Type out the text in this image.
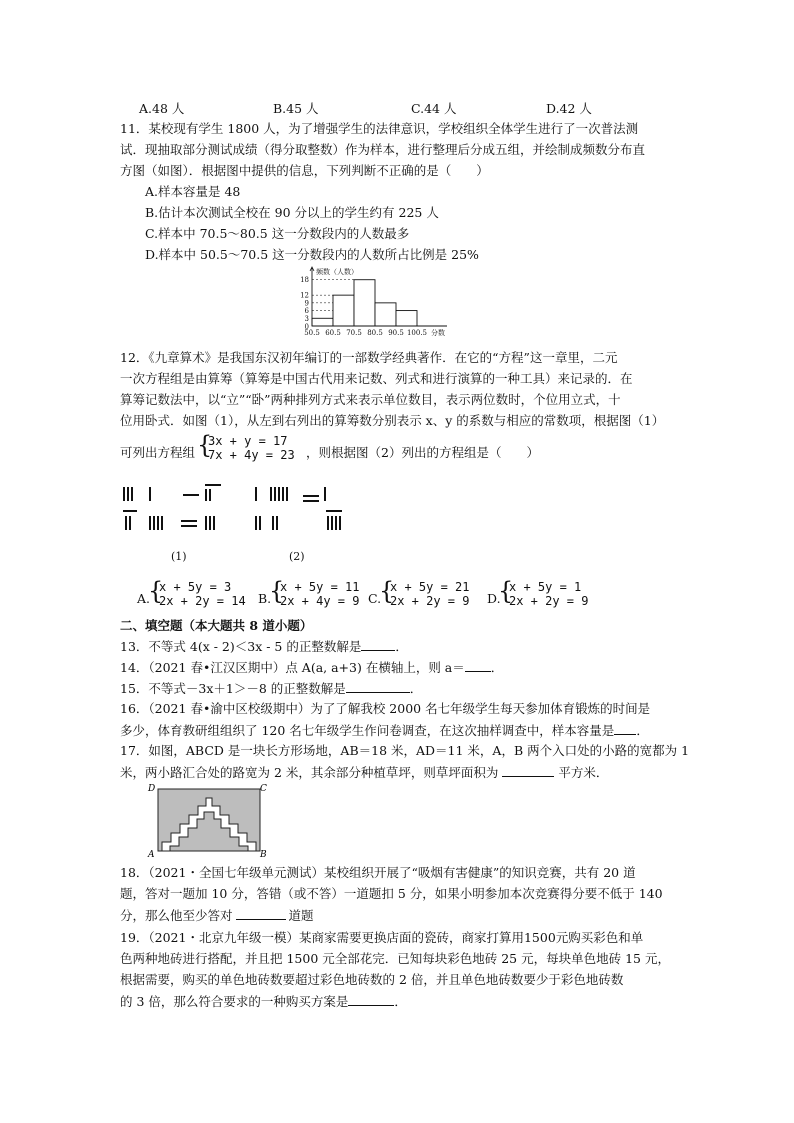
A.48 人	B.45 人	C.44 人	D.42 人
11．某校现有学生 1800 人，为了增强学生的法律意识，学校组织全体学生进行了一次普法测
试．现抽取部分测试成绩（得分取整数）作为样本，进行整理后分成五组，并绘制成频数分布直
方图（如图）．根据图中提供的信息，下列判断不正确的是（　　）
A.样本容量是 48
B.估计本次测试全校在 90 分以上的学生约有 225 人
C.样本中 70.5～80.5 这一分数段内的人数最多
D.样本中 50.5～70.5 这一分数段内的人数所占比例是 25%
3
6
9
12
18
50.5 60.5 70.5 80.5 90.5 100.5
0
频数（人数）
分数
12．《九章算术》是我国东汉初年编订的一部数学经典著作．在它的“方程”这一章里，二元
一次方程组是由算筹（算筹是中国古代用来记数、列式和进行演算的一种工具）来记录的．在
算筹记数法中，以“立”“卧”两种排列方式来表示单位数目，表示两位数时，个位用立式，十
位用卧式．如图（1），从左到右列出的算筹数分别表示 x、y 的系数与相应的常数项，根据图（1）
可列出方程组 {
3x + y = 17
7x + 4y = 23 ，则根据图（2）列出的方程组是（　　）
(1)	(2)
A.
{
x + 5y = 3
2x + 2y = 14 B.
{
x + 5y = 11
2x + 4y = 9 C.
{
x + 5y = 21
2x + 2y = 9 D.
{
x + 5y = 1
2x + 2y = 9
二、填空题（本大题共 8 道小题）
13．不等式 4(x - 2)＜3x - 5 的正整数解是	．
14．（2021 春•江汉区期中）点 A(a, a+3) 在横轴上，则 a＝ ．
15．不等式－3x＋1＞－8 的正整数解是	．
16．（2021 春•渝中区校级期中）为了了解我校 2000 名七年级学生每天参加体育锻炼的时间是
多少，体育教研组组织了 120 名七年级学生作问卷调查，在这次抽样调查中，样本容量是 ．
17．如图，ABCD 是一块长方形场地，AB＝18 米，AD＝11 米，A，B 两个入口处的小路的宽都为 1
米，两小路汇合处的路宽为 2 米，其余部分种植草坪，则草坪面积为	平方米．
D	C
A	B
18．（2021・全国七年级单元测试）某校组织开展了“吸烟有害健康”的知识竞赛，共有 20 道
题，答对一题加 10 分，答错（或不答）一道题扣 5 分，如果小明参加本次竞赛得分要不低于 140
分，那么他至少答对	道题
19．（2021・北京九年级一模）某商家需要更换店面的瓷砖，商家打算用1500元购买彩色和单
色两种地砖进行搭配，并且把 1500 元全部花完．已知每块彩色地砖 25 元，每块单色地砖 15 元，
根据需要，购买的单色地砖数要超过彩色地砖数的 2 倍，并且单色地砖数要少于彩色地砖数
的 3 倍，那么符合要求的一种购买方案是	．
